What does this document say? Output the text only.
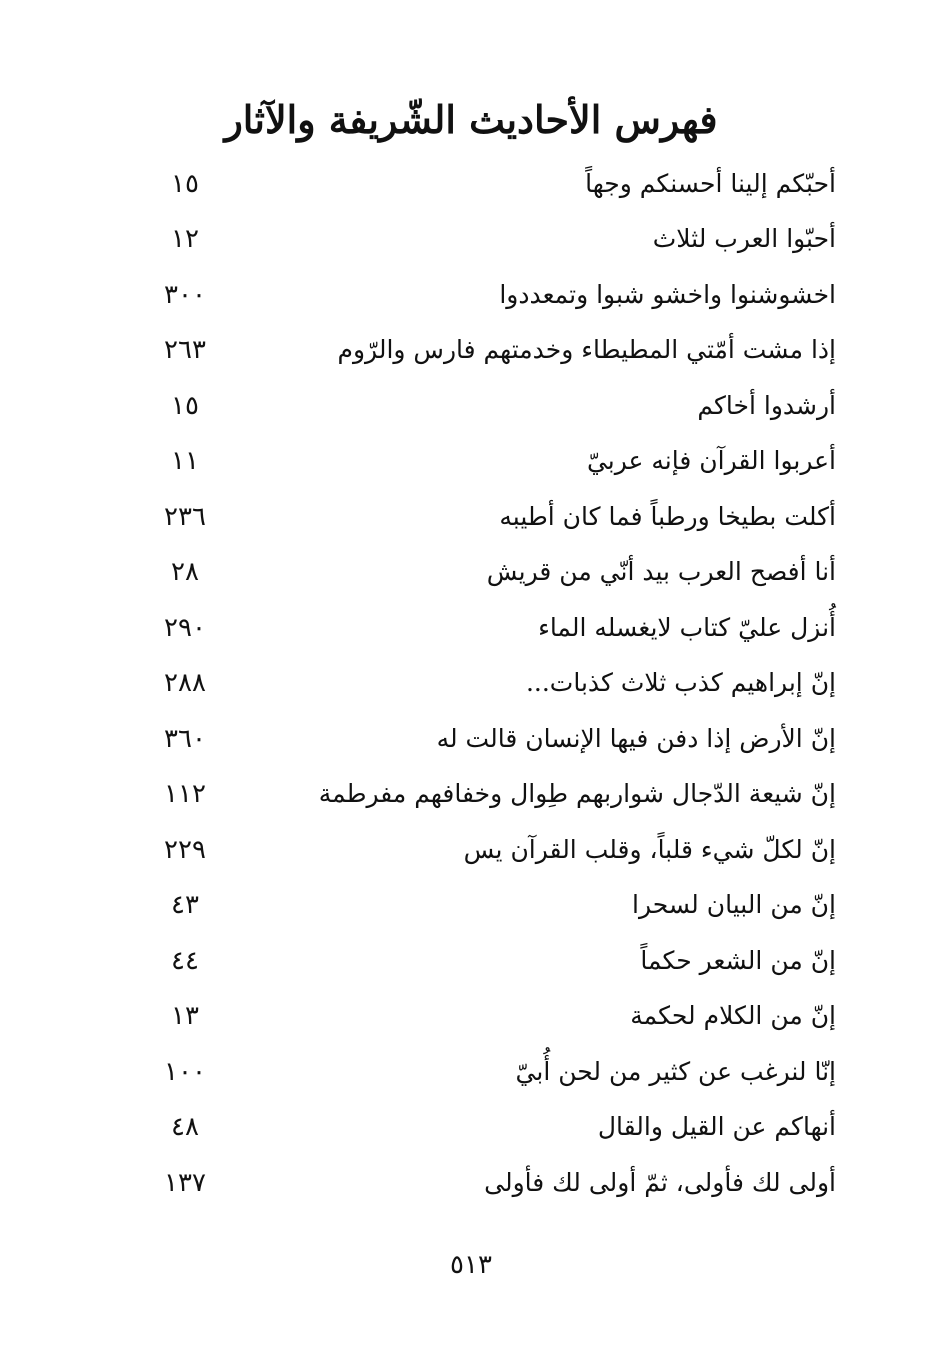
فهرس الأحاديث الشّريفة والآثار
١٥	أحبّكم إلينا أحسنكم وجهاً
١٢	أحبّوا العرب لثلاث
٣٠٠	اخشوشنوا واخشو شبوا وتمعددوا
٢٦٣	إذا مشت أمّتي المطيطاء وخدمتهم فارس والرّوم
١٥	أرشدوا أخاكم
١١	أعربوا القرآن فإنه عربيّ
٢٣٦	أكلت بطيخا ورطباً فما كان أطيبه
٢٨	أنا أفصح العرب بيد أنّي من قريش
٢٩٠	أُنزل عليّ كتاب لايغسله الماء
٢٨٨	إنّ إبراهيم كذب ثلاث كذبات...
٣٦٠	إنّ الأرض إذا دفن فيها الإنسان قالت له
١١٢	إنّ شيعة الدّجال شواربهم طِوال وخفافهم مفرطمة
٢٢٩	إنّ لكلّ شيء قلباً، وقلب القرآن يس
٤٣	إنّ من البيان لسحرا
٤٤	إنّ من الشعر حكماً
١٣	إنّ من الكلام لحكمة
١٠٠	إنّا لنرغب عن كثير من لحن أُبيّ
٤٨	أنهاكم عن القيل والقال
١٣٧	أولى لك فأولى، ثمّ أولى لك فأولى
٥١٣
